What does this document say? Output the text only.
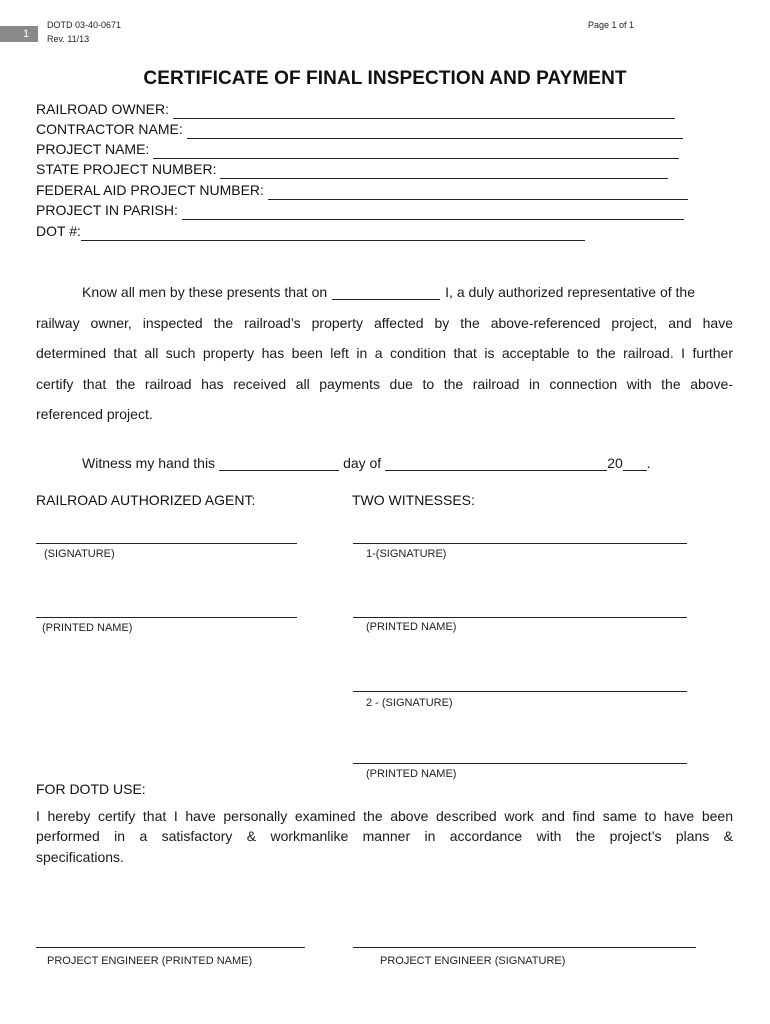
1
DOTD 03-40-0671
Rev. 11/13
Page 1 of 1
CERTIFICATE OF FINAL INSPECTION AND PAYMENT
RAILROAD OWNER:
CONTRACTOR NAME:
PROJECT NAME:
STATE PROJECT NUMBER:
FEDERAL AID PROJECT NUMBER:
PROJECT IN PARISH:
DOT #:
Know all men by these presents that on	I, a duly authorized representative of the
railway owner, inspected the railroad’s property affected by the above-referenced project, and have
determined that all such property has been left in a condition that is acceptable to the railroad. I further
certify that the railroad has received all payments due to the railroad in connection with the above-
referenced project.
Witness my hand this	day of	20 .
RAILROAD AUTHORIZED AGENT:	TWO WITNESSES:
(SIGNATURE)
(PRINTED NAME)
1-(SIGNATURE)
(PRINTED NAME)
2 - (SIGNATURE)
(PRINTED NAME)
FOR DOTD USE:
I hereby certify that I have personally examined the above described work and find same to have been
performed in a satisfactory & workmanlike manner in accordance with the project’s plans &
specifications.
PROJECT ENGINEER (PRINTED NAME)	PROJECT ENGINEER (SIGNATURE)
